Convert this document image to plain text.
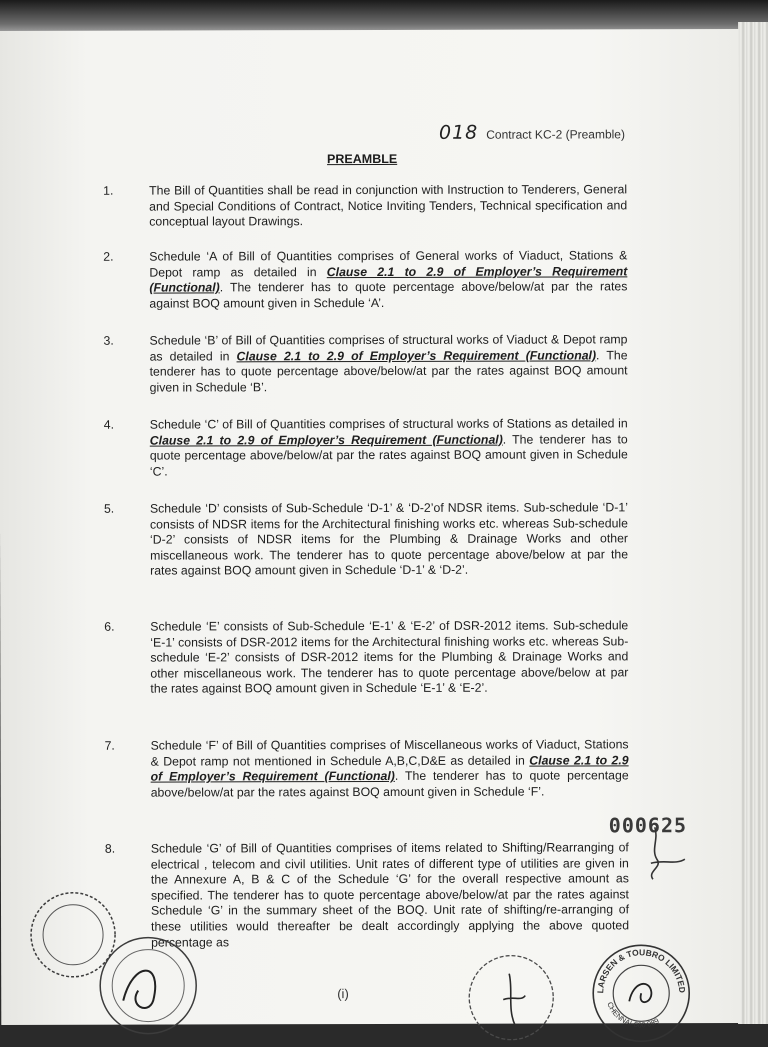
018 Contract KC-2 (Preamble)
PREAMBLE
1.	The Bill of Quantities shall be read in conjunction with Instruction to Tenderers, General and Special Conditions of Contract, Notice Inviting Tenders, Technical specification and conceptual layout Drawings.
2.	Schedule ‘A of Bill of Quantities comprises of General works of Viaduct, Stations & Depot ramp as detailed in Clause 2.1 to 2.9 of Employer’s Requirement (Functional). The tenderer has to quote percentage above/below/at par the rates against BOQ amount given in Schedule ‘A’.
3.	Schedule ‘B’ of Bill of Quantities comprises of structural works of Viaduct & Depot ramp as detailed in Clause 2.1 to 2.9 of Employer’s Requirement (Functional). The tenderer has to quote percentage above/below/at par the rates against BOQ amount given in Schedule ‘B’.
4.	Schedule ‘C’ of Bill of Quantities comprises of structural works of Stations as detailed in Clause 2.1 to 2.9 of Employer’s Requirement (Functional). The tenderer has to quote percentage above/below/at par the rates against BOQ amount given in Schedule ‘C’.
5.	Schedule ‘D’ consists of Sub-Schedule ‘D-1’ & ‘D-2’of NDSR items. Sub-schedule ‘D-1’ consists of NDSR items for the Architectural finishing works etc. whereas Sub-schedule ‘D-2’ consists of NDSR items for the Plumbing & Drainage Works and other miscellaneous work. The tenderer has to quote percentage above/below at par the rates against BOQ amount given in Schedule ‘D-1’ & ‘D-2’.
6.	Schedule ‘E’ consists of Sub-Schedule ‘E-1’ & ‘E-2’ of DSR-2012 items. Sub-schedule ‘E-1’ consists of DSR-2012 items for the Architectural finishing works etc. whereas Sub-schedule ‘E-2’ consists of DSR-2012 items for the Plumbing & Drainage Works and other miscellaneous work. The tenderer has to quote percentage above/below at par the rates against BOQ amount given in Schedule ‘E-1’ & ‘E-2’.
7.	Schedule ‘F’ of Bill of Quantities comprises of Miscellaneous works of Viaduct, Stations & Depot ramp not mentioned in Schedule A,B,C,D&E as detailed in Clause 2.1 to 2.9 of Employer’s Requirement (Functional). The tenderer has to quote percentage above/below/at par the rates against BOQ amount given in Schedule ‘F’.
8.	Schedule ‘G’ of Bill of Quantities comprises of items related to Shifting/Rearranging of electrical , telecom and civil utilities. Unit rates of different type of utilities are given in the Annexure A, B & C of the Schedule ‘G’ for the overall respective amount as specified. The tenderer has to quote percentage above/below/at par the rates against Schedule ‘G’ in the summary sheet of the BOQ. Unit rate of shifting/re-arranging of these utilities would thereafter be dealt accordingly applying the above quoted percentage as
000625
(i)	LARSEN & TOUBRO LIMITED
CHENNAI-600 089
